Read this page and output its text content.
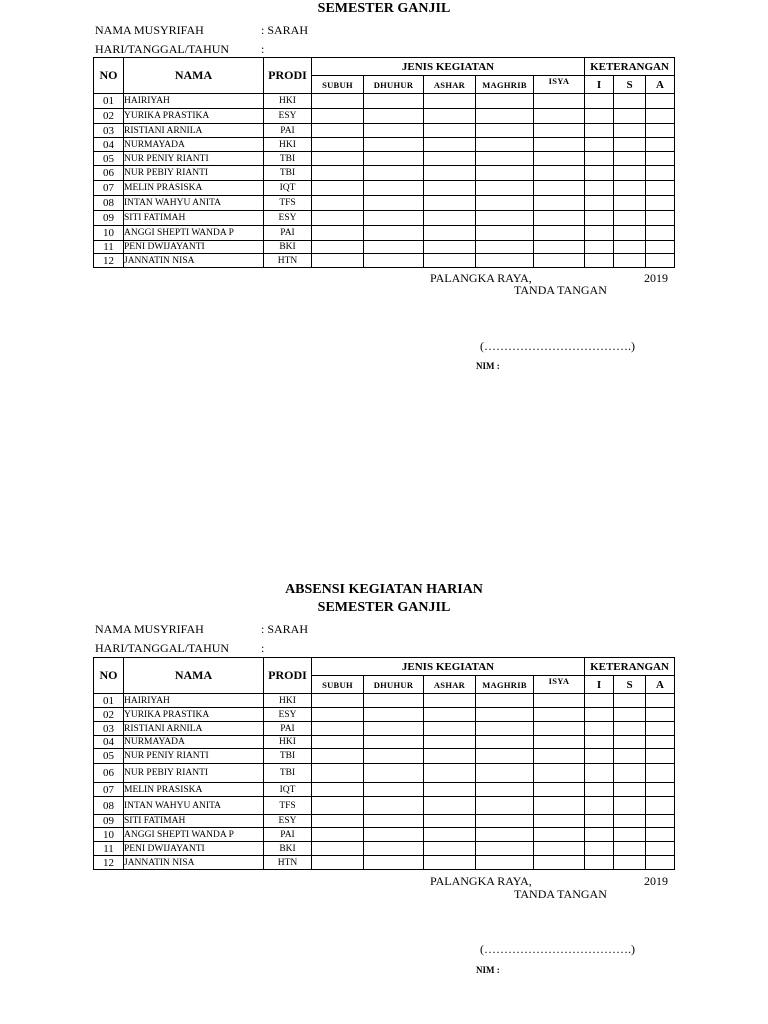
SEMESTER GANJIL
NAMA MUSYRIFAH	: SARAH
HARI/TANGGAL/TAHUN	:
NO	NAMA	PRODI	JENIS KEGIATAN					KETERANGAN		
			SUBUH	DHUHUR	ASHAR	MAGHRIB	ISYA	I	S	A
01	HAIRIYAH	HKI								
02	YURIKA PRASTIKA	ESY								
03	RISTIANI ARNILA	PAI								
04	NURMAYADA	HKI								
05	NUR PENIY RIANTI	TBI								
06	NUR PEBIY RIANTI	TBI								
07	MELIN PRASISKA	IQT								
08	INTAN WAHYU ANITA	TFS								
09	SITI FATIMAH	ESY								
10	ANGGI SHEPTI WANDA P	PAI								
11	PENI DWIJAYANTI	BKI								
12	JANNATIN NISA	HTN								
PALANGKA RAYA,	2019
TANDA TANGAN
(……………………………….)
NIM :
ABSENSI KEGIATAN HARIAN
SEMESTER GANJIL
NAMA MUSYRIFAH	: SARAH
HARI/TANGGAL/TAHUN	:
NO	NAMA	PRODI	JENIS KEGIATAN					KETERANGAN		
			SUBUH	DHUHUR	ASHAR	MAGHRIB	ISYA	I	S	A
01	HAIRIYAH	HKI								
02	YURIKA PRASTIKA	ESY								
03	RISTIANI ARNILA	PAI								
04	NURMAYADA	HKI								
05	NUR PENIY RIANTI	TBI								
06	NUR PEBIY RIANTI	TBI								
07	MELIN PRASISKA	IQT								
08	INTAN WAHYU ANITA	TFS								
09	SITI FATIMAH	ESY								
10	ANGGI SHEPTI WANDA P	PAI								
11	PENI DWIJAYANTI	BKI								
12	JANNATIN NISA	HTN								
PALANGKA RAYA,	2019
TANDA TANGAN
(……………………………….)
NIM :
